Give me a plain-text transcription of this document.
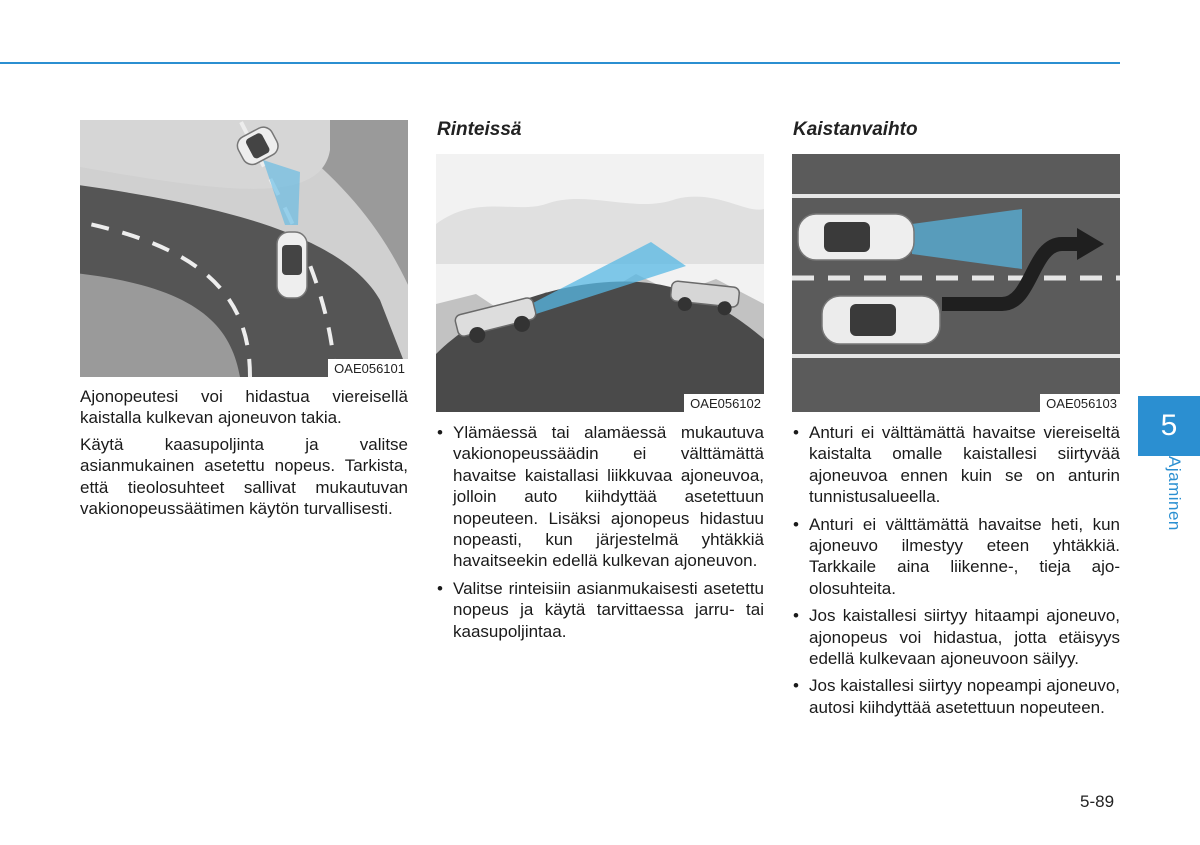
OAE056101

Ajonopeutesi voi hidastua viereisellä kaistalla kulkevan ajoneuvon takia.

Käytä kaasupoljinta ja valitse asianmukainen asetettu nopeus. Tarkista, että tieolosuhteet sallivat mukautuvan vakionopeussäätimen käytön turvallisesti.

Rinteissä
OAE056102
• Ylämäessä tai alamäessä mukautuva vakionopeussäädin ei välttämättä havaitse kaistallasi liikkuvaa ajoneuvoa, jolloin auto kiihdyttää asetettuun nopeuteen. Lisäksi ajonopeus hidastuu nopeasti, kun järjestelmä yhtäkkiä havaitseekin edellä kulkevan ajoneuvon.
• Valitse rinteisiin asianmukaisesti asetettu nopeus ja käytä tarvittaessa jarru- tai kaasupoljintaa.
Kaistanvaihto
OAE056103
• Anturi ei välttämättä havaitse viereiseltä kaistalta omalle kaistallesi siirtyvää ajoneuvoa ennen kuin se on anturin tunnistusalueella.
• Anturi ei välttämättä havaitse heti, kun ajoneuvo ilmestyy eteen yhtäkkiä. Tarkkaile aina liikenne-, tieja ajo-olosuhteita.
• Jos kaistallesi siirtyy hitaampi ajoneuvo, ajonopeus voi hidastua, jotta etäisyys edellä kulkevaan ajoneuvoon säilyy.
• Jos kaistallesi siirtyy nopeampi ajoneuvo, autosi kiihdyttää asetettuun nopeuteen.
5
Ajaminen
5-89
